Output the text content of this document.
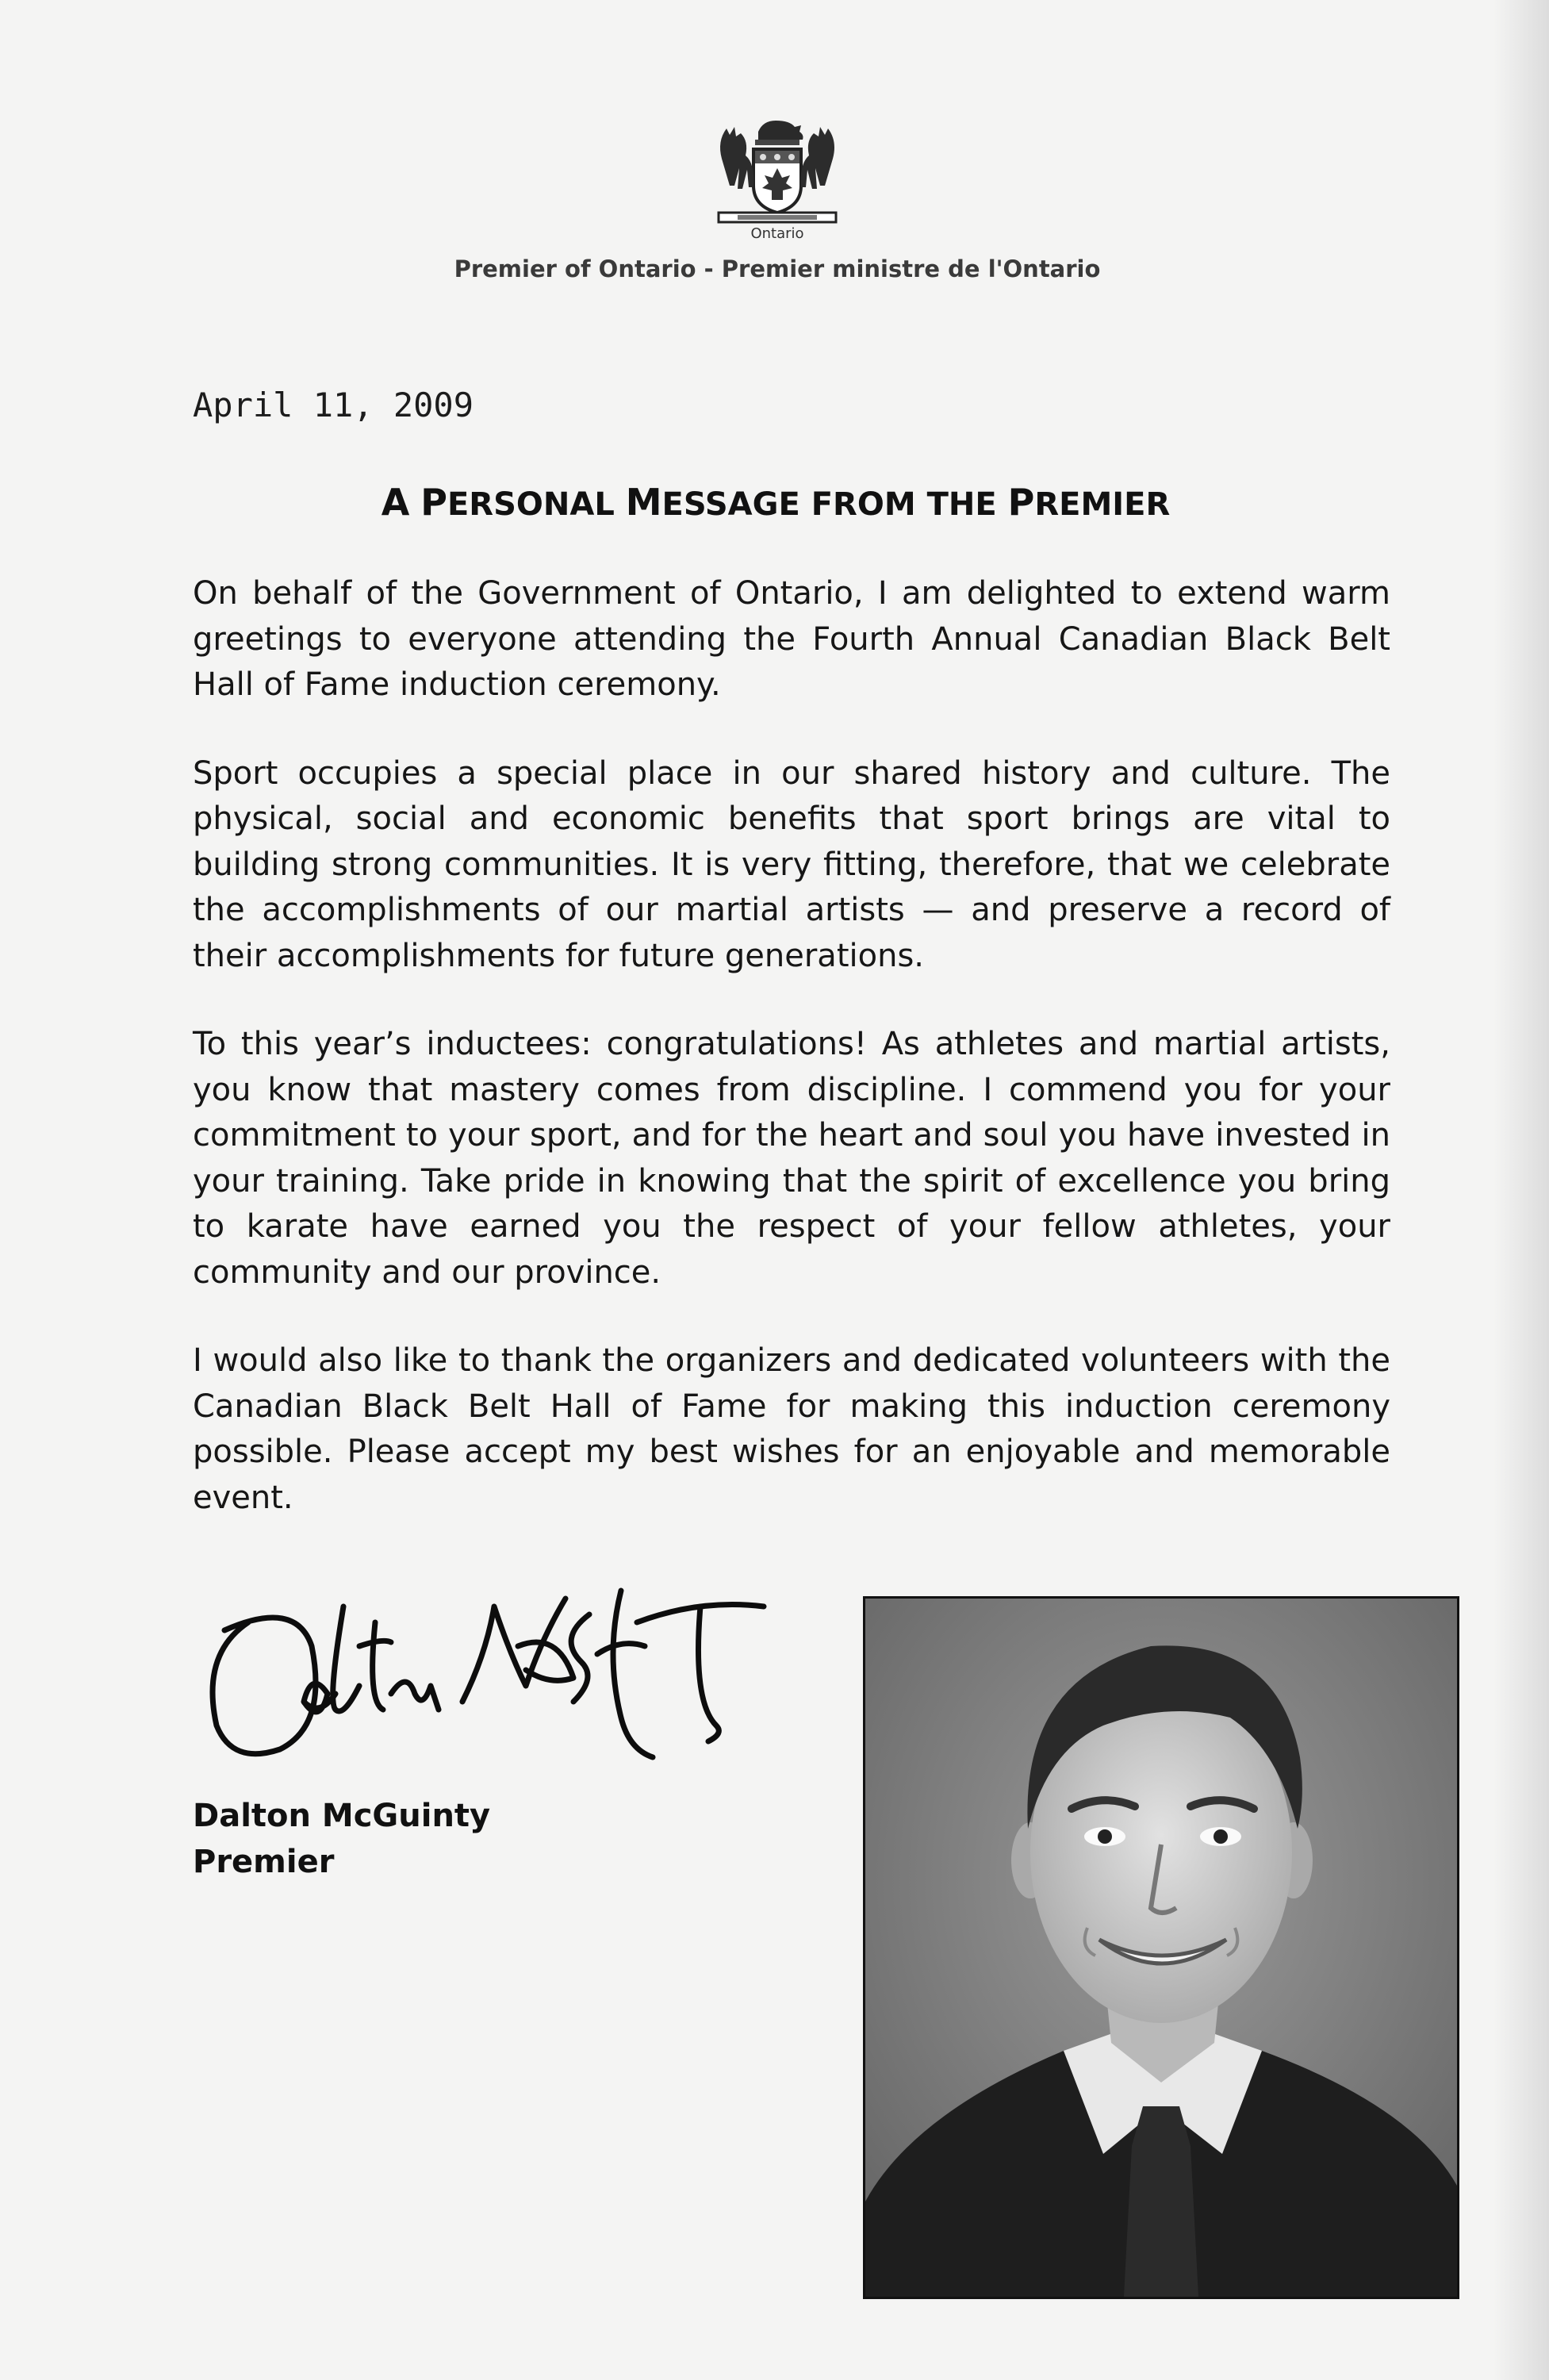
Ontario
Premier of Ontario - Premier ministre de l'Ontario
April 11, 2009
A PERSONAL MESSAGE FROM THE PREMIER

On behalf of the Government of Ontario, I am delighted to extend warm greetings to everyone attending the Fourth Annual Canadian Black Belt Hall of Fame induction ceremony.

Sport occupies a special place in our shared history and culture. The physical, social and economic benefits that sport brings are vital to building strong communities. It is very fitting, therefore, that we celebrate the accomplishments of our martial artists — and preserve a record of their accomplishments for future generations.

To this year’s inductees: congratulations! As athletes and martial artists, you know that mastery comes from discipline. I commend you for your commitment to your sport, and for the heart and soul you have invested in your training. Take pride in knowing that the spirit of excellence you bring to karate have earned you the respect of your fellow athletes, your community and our province.

I would also like to thank the organizers and dedicated volunteers with the Canadian Black Belt Hall of Fame for making this induction ceremony possible. Please accept my best wishes for an enjoyable and memorable event.

Dalton McGuinty
Premier
